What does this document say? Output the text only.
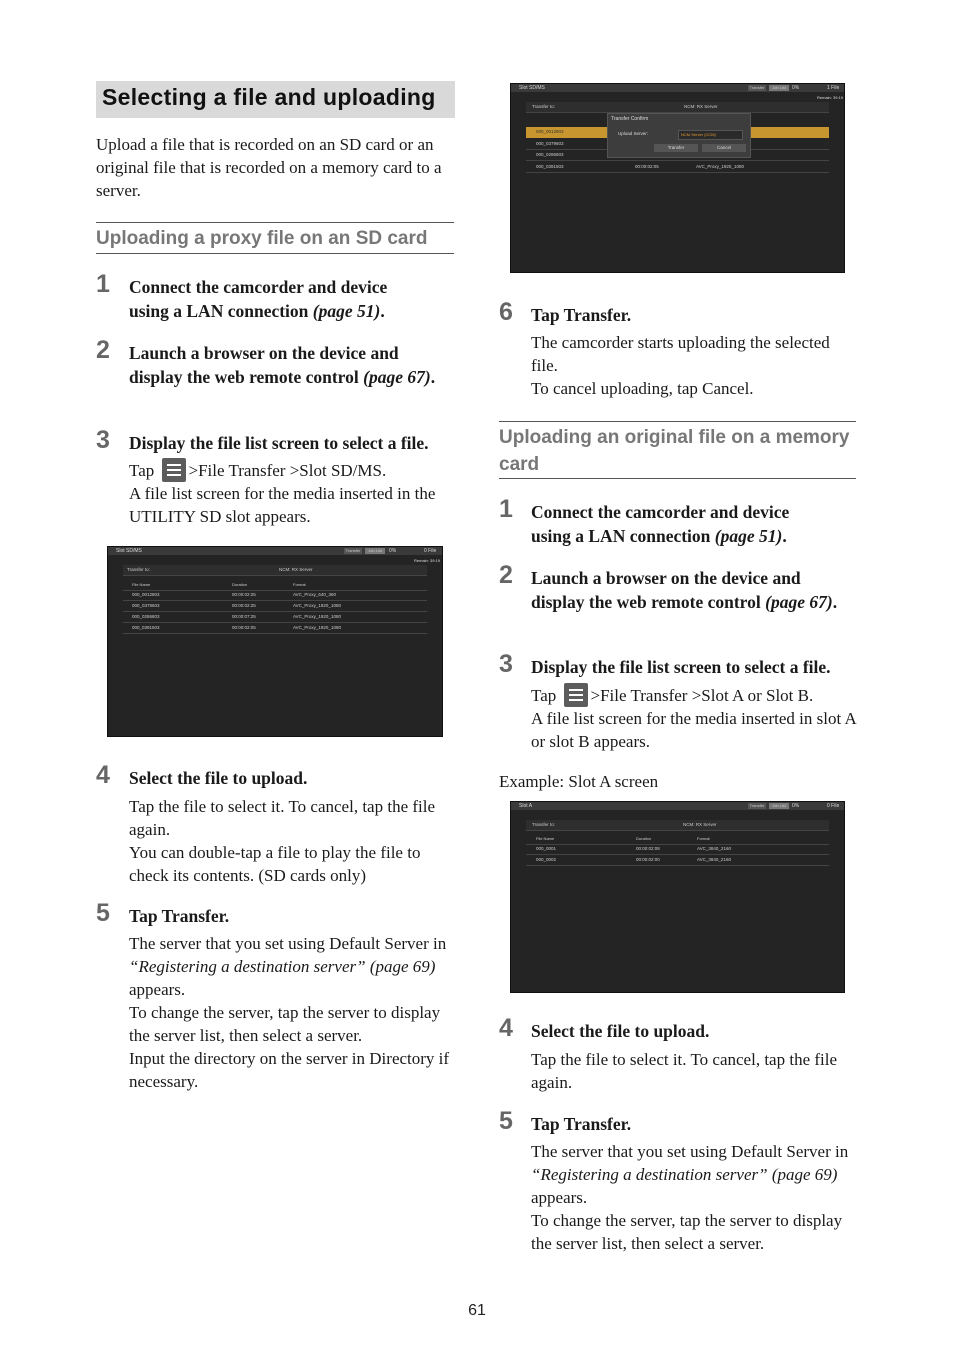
Selecting a file and uploading
Upload a file that is recorded on an SD card or an original file that is recorded on a memory card to a server.
Uploading a proxy file on an SD card
1 Connect the camcorder and device using a LAN connection (page 51).
2 Launch a browser on the device and display the web remote control (page 67).
3 Display the file list screen to select a file.
Tap >File Transfer >Slot SD/MS.
A file list screen for the media inserted in the UTILITY SD slot appears.
Slot SD/MS	Transfer	Job List	0%	0 File
Remain: 39:19
Transfer to:	NCM: RX Server
File Name	Duration	Format
000_0012803	00:00:02:25	AVC_Proxy_640_360
000_0379603	00:00:02:25	AVC_Proxy_1920_1080
000_0286803	00:00:07:25	AVC_Proxy_1920_1080
000_0391503	00:00:02:05	AVC_Proxy_1920_1080
4 Select the file to upload.
Tap the file to select it. To cancel, tap the file again.
You can double-tap a file to play the file to check its contents. (SD cards only)
5 Tap Transfer.
The server that you set using Default Server in “Registering a destination server” (page 69) appears.
To change the server, tap the server to display the server list, then select a server.
Input the directory on the server in Directory if necessary.
Slot SD/MS	Transfer	Job List	0%	1 File
Remain: 39:19
Transfer to:	NCM: RX Server
000_0012803
000_0379603
000_0286803
000_0391503	00:00:02:05	AVC_Proxy_1920_1080
Transfer Confirm
Upload Server:	NCM Server (CCM)
Transfer	Cancel
6 Tap Transfer.
The camcorder starts uploading the selected file.
To cancel uploading, tap Cancel.
Uploading an original file on a memory card
1 Connect the camcorder and device using a LAN connection (page 51).
2 Launch a browser on the device and display the web remote control (page 67).
3 Display the file list screen to select a file.
Tap >File Transfer >Slot A or Slot B.
A file list screen for the media inserted in slot A or slot B appears.
Example: Slot A screen
Slot A	Transfer	Job List	0%	0 File
Transfer to:	NCM: RX Server
File Name	Duration	Format
000_0001	00:00:02:08	AVC_3840_2160
000_0002	00:00:02:00	AVC_3840_2160
4 Select the file to upload.
Tap the file to select it. To cancel, tap the file again.
5 Tap Transfer.
The server that you set using Default Server in “Registering a destination server” (page 69) appears.
To change the server, tap the server to display the server list, then select a server.
61
